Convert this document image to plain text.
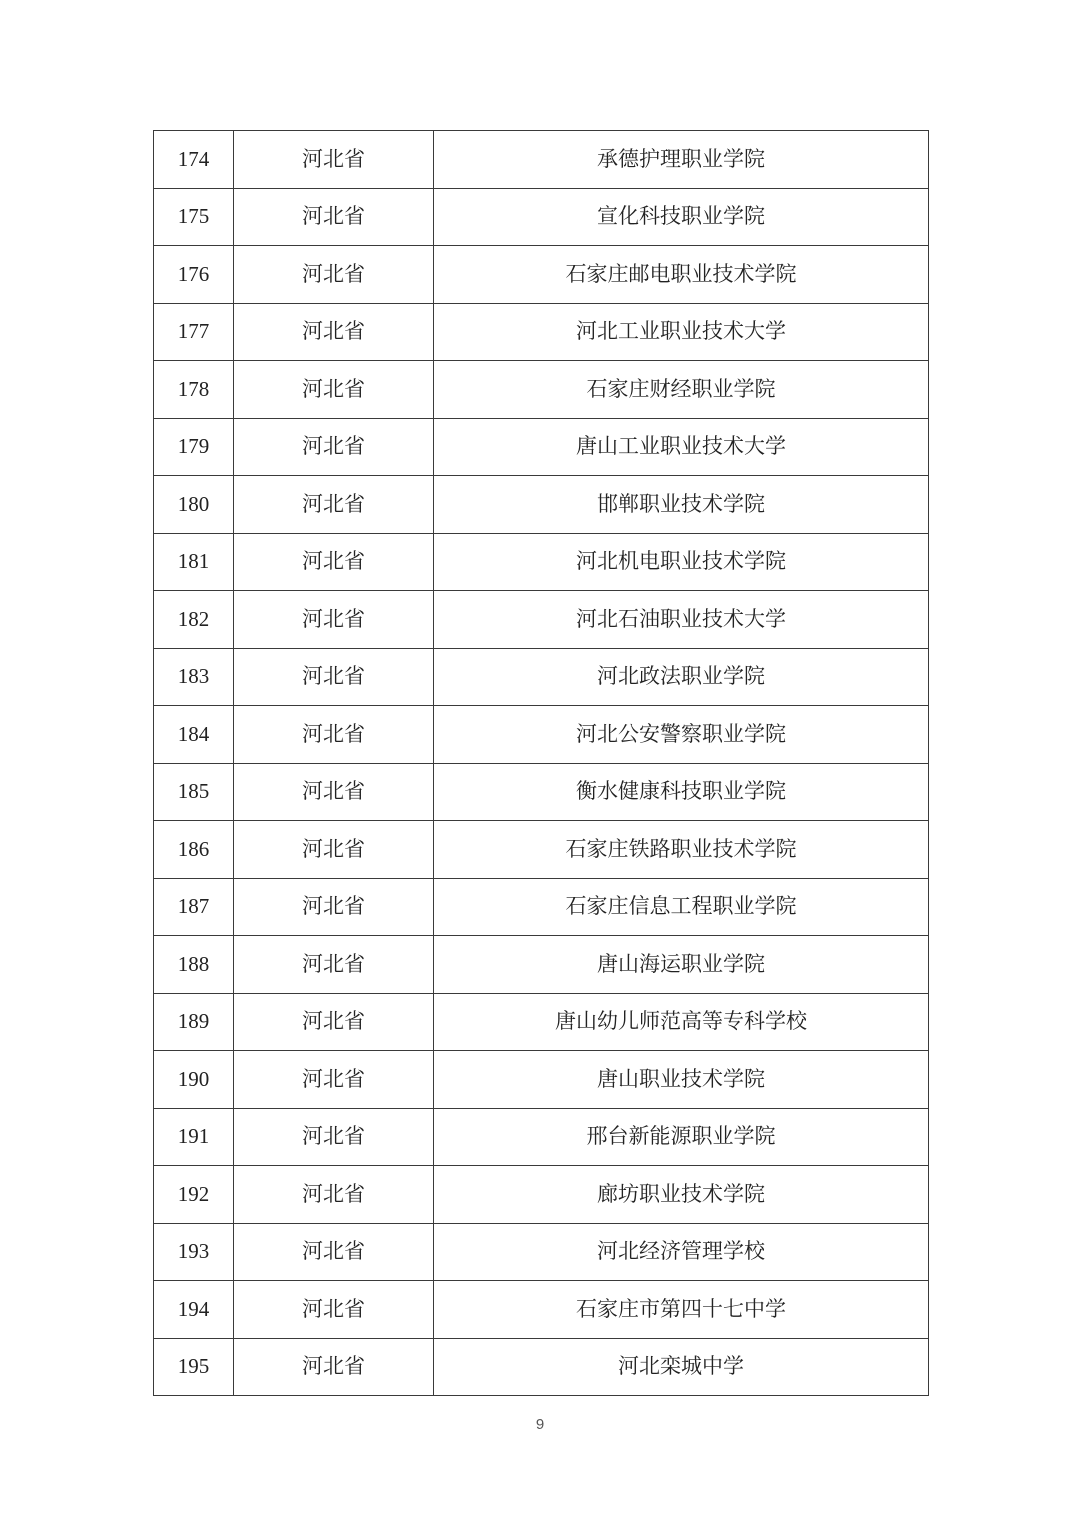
174	河北省	承德护理职业学院
175	河北省	宣化科技职业学院
176	河北省	石家庄邮电职业技术学院
177	河北省	河北工业职业技术大学
178	河北省	石家庄财经职业学院
179	河北省	唐山工业职业技术大学
180	河北省	邯郸职业技术学院
181	河北省	河北机电职业技术学院
182	河北省	河北石油职业技术大学
183	河北省	河北政法职业学院
184	河北省	河北公安警察职业学院
185	河北省	衡水健康科技职业学院
186	河北省	石家庄铁路职业技术学院
187	河北省	石家庄信息工程职业学院
188	河北省	唐山海运职业学院
189	河北省	唐山幼儿师范高等专科学校
190	河北省	唐山职业技术学院
191	河北省	邢台新能源职业学院
192	河北省	廊坊职业技术学院
193	河北省	河北经济管理学校
194	河北省	石家庄市第四十七中学
195	河北省	河北栾城中学
9
